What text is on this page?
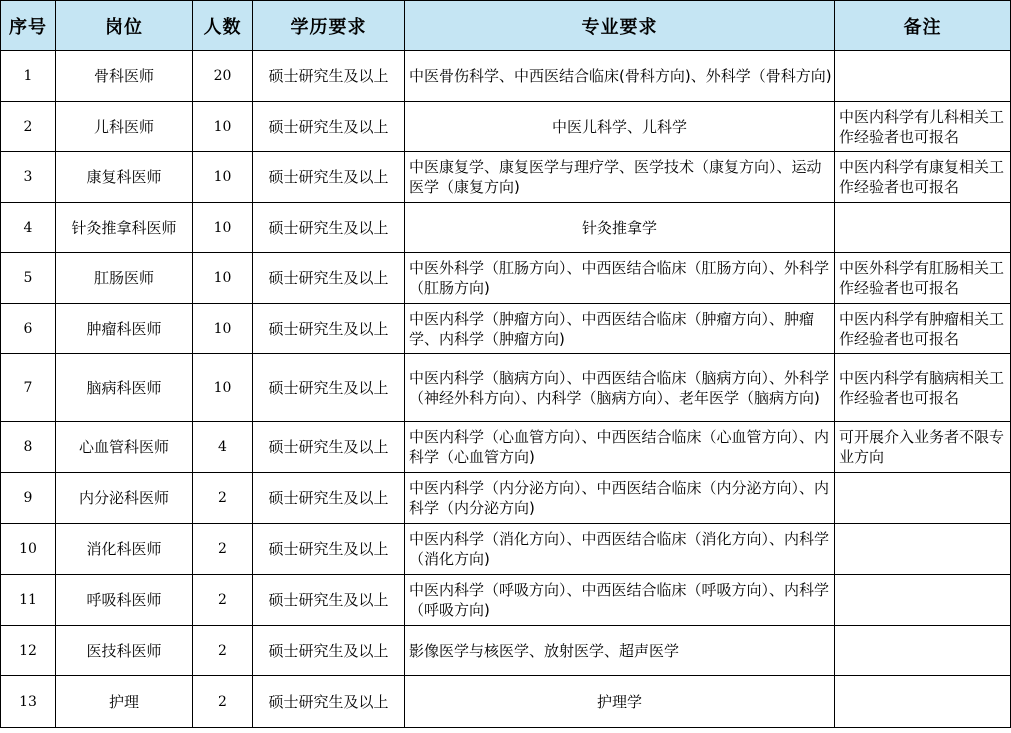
序号	岗位	人数	学历要求	专业要求	备注
1	骨科医师	20	硕士研究生及以上	中医骨伤科学、中西医结合临床(骨科方向)、外科学（骨科方向)	
2	儿科医师	10	硕士研究生及以上	中医儿科学、儿科学	中医内科学有儿科相关工作经验者也可报名
3	康复科医师	10	硕士研究生及以上	中医康复学、康复医学与理疗学、医学技术（康复方向）、运动医学（康复方向)	中医内科学有康复相关工作经验者也可报名
4	针灸推拿科医师	10	硕士研究生及以上	针灸推拿学	
5	肛肠医师	10	硕士研究生及以上	中医外科学（肛肠方向）、中西医结合临床（肛肠方向）、外科学（肛肠方向)	中医外科学有肛肠相关工作经验者也可报名
6	肿瘤科医师	10	硕士研究生及以上	中医内科学（肿瘤方向）、中西医结合临床（肿瘤方向）、肿瘤学、内科学（肿瘤方向)	中医内科学有肿瘤相关工作经验者也可报名
7	脑病科医师	10	硕士研究生及以上	中医内科学（脑病方向）、中西医结合临床（脑病方向）、外科学（神经外科方向）、内科学（脑病方向）、老年医学（脑病方向)	中医内科学有脑病相关工作经验者也可报名
8	心血管科医师	4	硕士研究生及以上	中医内科学（心血管方向）、中西医结合临床（心血管方向）、内科学（心血管方向)	可开展介入业务者不限专业方向
9	内分泌科医师	2	硕士研究生及以上	中医内科学（内分泌方向）、中西医结合临床（内分泌方向）、内科学（内分泌方向)	
10	消化科医师	2	硕士研究生及以上	中医内科学（消化方向）、中西医结合临床（消化方向）、内科学（消化方向)	
11	呼吸科医师	2	硕士研究生及以上	中医内科学（呼吸方向）、中西医结合临床（呼吸方向）、内科学（呼吸方向)	
12	医技科医师	2	硕士研究生及以上	影像医学与核医学、放射医学、超声医学	
13	护理	2	硕士研究生及以上	护理学	
